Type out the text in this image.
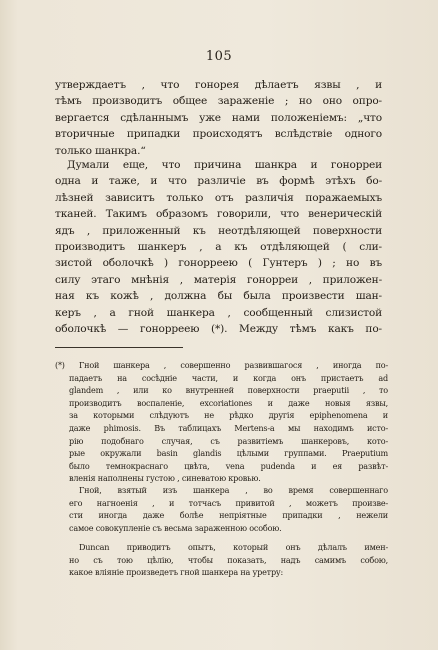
105
утверждаетъ , что гонорея дѣлаетъ язвы , и
тѣмъ производитъ общее зараженіе ; но оно опро-
вергается сдѣланнымъ уже нами положеніемъ: „что
вторичные припадки происходятъ вслѣдствіе одного
только шанкра.“
Думали еще, что причина шанкра и гонорреи
одна и таже, и что различіе въ формѣ этѣхъ бо-
лѣзней зависитъ только отъ различія поражаемыхъ
тканей. Такимъ образомъ говорили, что венерическій
ядъ , приложенный къ неотдѣляющей поверхности
производитъ шанкеръ , а къ отдѣляющей ( сли-
зистой оболочкѣ ) гонорреею ( Гунтеръ ) ; но въ
силу этаго мнѣнія , матерія гонорреи , приложен-
ная къ кожѣ , должна бы была произвести шан-
керъ , а гной шанкера , сообщенный слизистой
оболочкѣ — гонорреею (*). Между тѣмъ какъ по-
(*) Гной шанкера , совершенно развившагося , иногда по-
падаетъ на сосѣдніе части, и когда онъ пристаетъ ad
glandem , или ко внутренней поверхности praeputii , то
производитъ воспаленіе, excoriationes и даже новыя язвы,
за которыми слѣдуютъ не рѣдко другія epiphenomena и
даже phimosis. Въ таблицахъ Mertens-а мы находимъ исто-
рію подобнаго случая, съ развитіемъ шанкеровъ, кото-
рые окружали basin glandis цѣлыми группами. Praeputium
было темнокраснаго цвѣта, vena pudenda и ея развѣт-
вленія наполнены густою , синеватою кровью.
Гной, взятый изъ шанкера , во время совершеннаго
его нагноенія , и тотчасъ привитой , можетъ произве-
сти иногда даже болѣе непріятные припадки , нежели
самое совокупленіе съ весьма зараженною особою.
Duncan приводитъ опытъ, который онъ дѣлалъ имен-
но съ тою цѣлію, чтобы показать, надъ самимъ собою,
какое вліяніе произведетъ гной шанкера на уретру:
